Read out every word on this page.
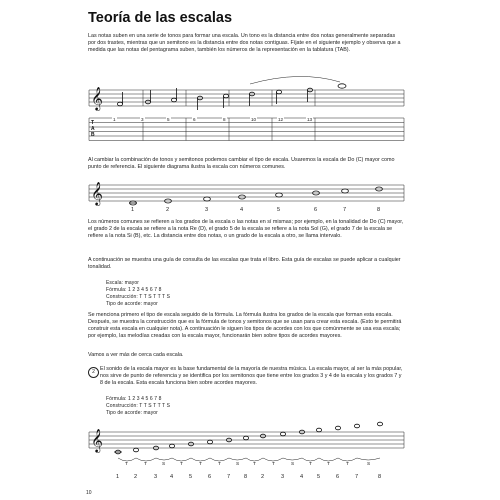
Teoría de las escalas

Las notas suben en una serie de tonos para formar una escala. Un tono es la distancia entre dos notas generalmente separadas por dos trastes, mientras que un semitono es la distancia entre dos notas contiguas. Fíjate en el siguiente ejemplo y observa que a medida que las notas del pentagrama suben, también los números de la representación en la tablatura (TAB).

𝄞
T
A
B
𝄞
𝄞
1	3	5	6	8	10	12	13

Al cambiar la combinación de tonos y semitonos podemos cambiar el tipo de escala. Usaremos la escala de Do (C) mayor como punto de referencia. El siguiente diagrama ilustra la escala con números comunes.

1	2	3	4	5	6	7	8

Los números comunes se refieren a los grados de la escala o las notas en sí mismas; por ejemplo, en la tonalidad de Do (C) mayor, el grado 2 de la escala se refiere a la nota Re (D), el grado 5 de la escala se refiere a la nota Sol (G), el grado 7 de la escala se refiere a la nota Si (B), etc. La distancia entre dos notas, o un grado de la escala a otro, se llama intervalo.

A continuación se muestra una guía de consulta de las escalas que trata el libro. Esta guía de escalas se puede aplicar a cualquier tonalidad.

Escala: mayor
Fórmula: 1 2 3 4 5 6 7 8
Construcción: T T S T T T S
Tipo de acorde: mayor

Se menciona primero el tipo de escala seguido de la fórmula. La fórmula ilustra los grados de la escala que forman esta escala. Después, se muestra la construcción que es la fórmula de tonos y semitonos que se usan para crear esta escala. (Esto te permitirá construir esta escala en cualquier nota). A continuación le siguen los tipos de acordes con los que comúnmente se usa esa escala; por ejemplo, las melodías creadas con la escala mayor, funcionarán bien sobre tipos de acordes mayores.

Vamos a ver más de cerca cada escala.

2 El sonido de la escala mayor es la base fundamental de la mayoría de nuestra música. La escala mayor, al ser la más popular, nos sirve de punto de referencia y se identifica por los semitonos que tiene entre los grados 3 y 4 de la escala y los grados 7 y 8 de la escala. Esta escala funciona bien sobre acordes mayores.

Fórmula: 1 2 3 4 5 6 7 8
Construcción: T T S T T T S
Tipo de acorde: mayor
T	T	S	T	T	T	S	T	T	S	T	T	T	S
1	2	3 4	5	6	7 8 2	3	4 5	6	7	8
10
